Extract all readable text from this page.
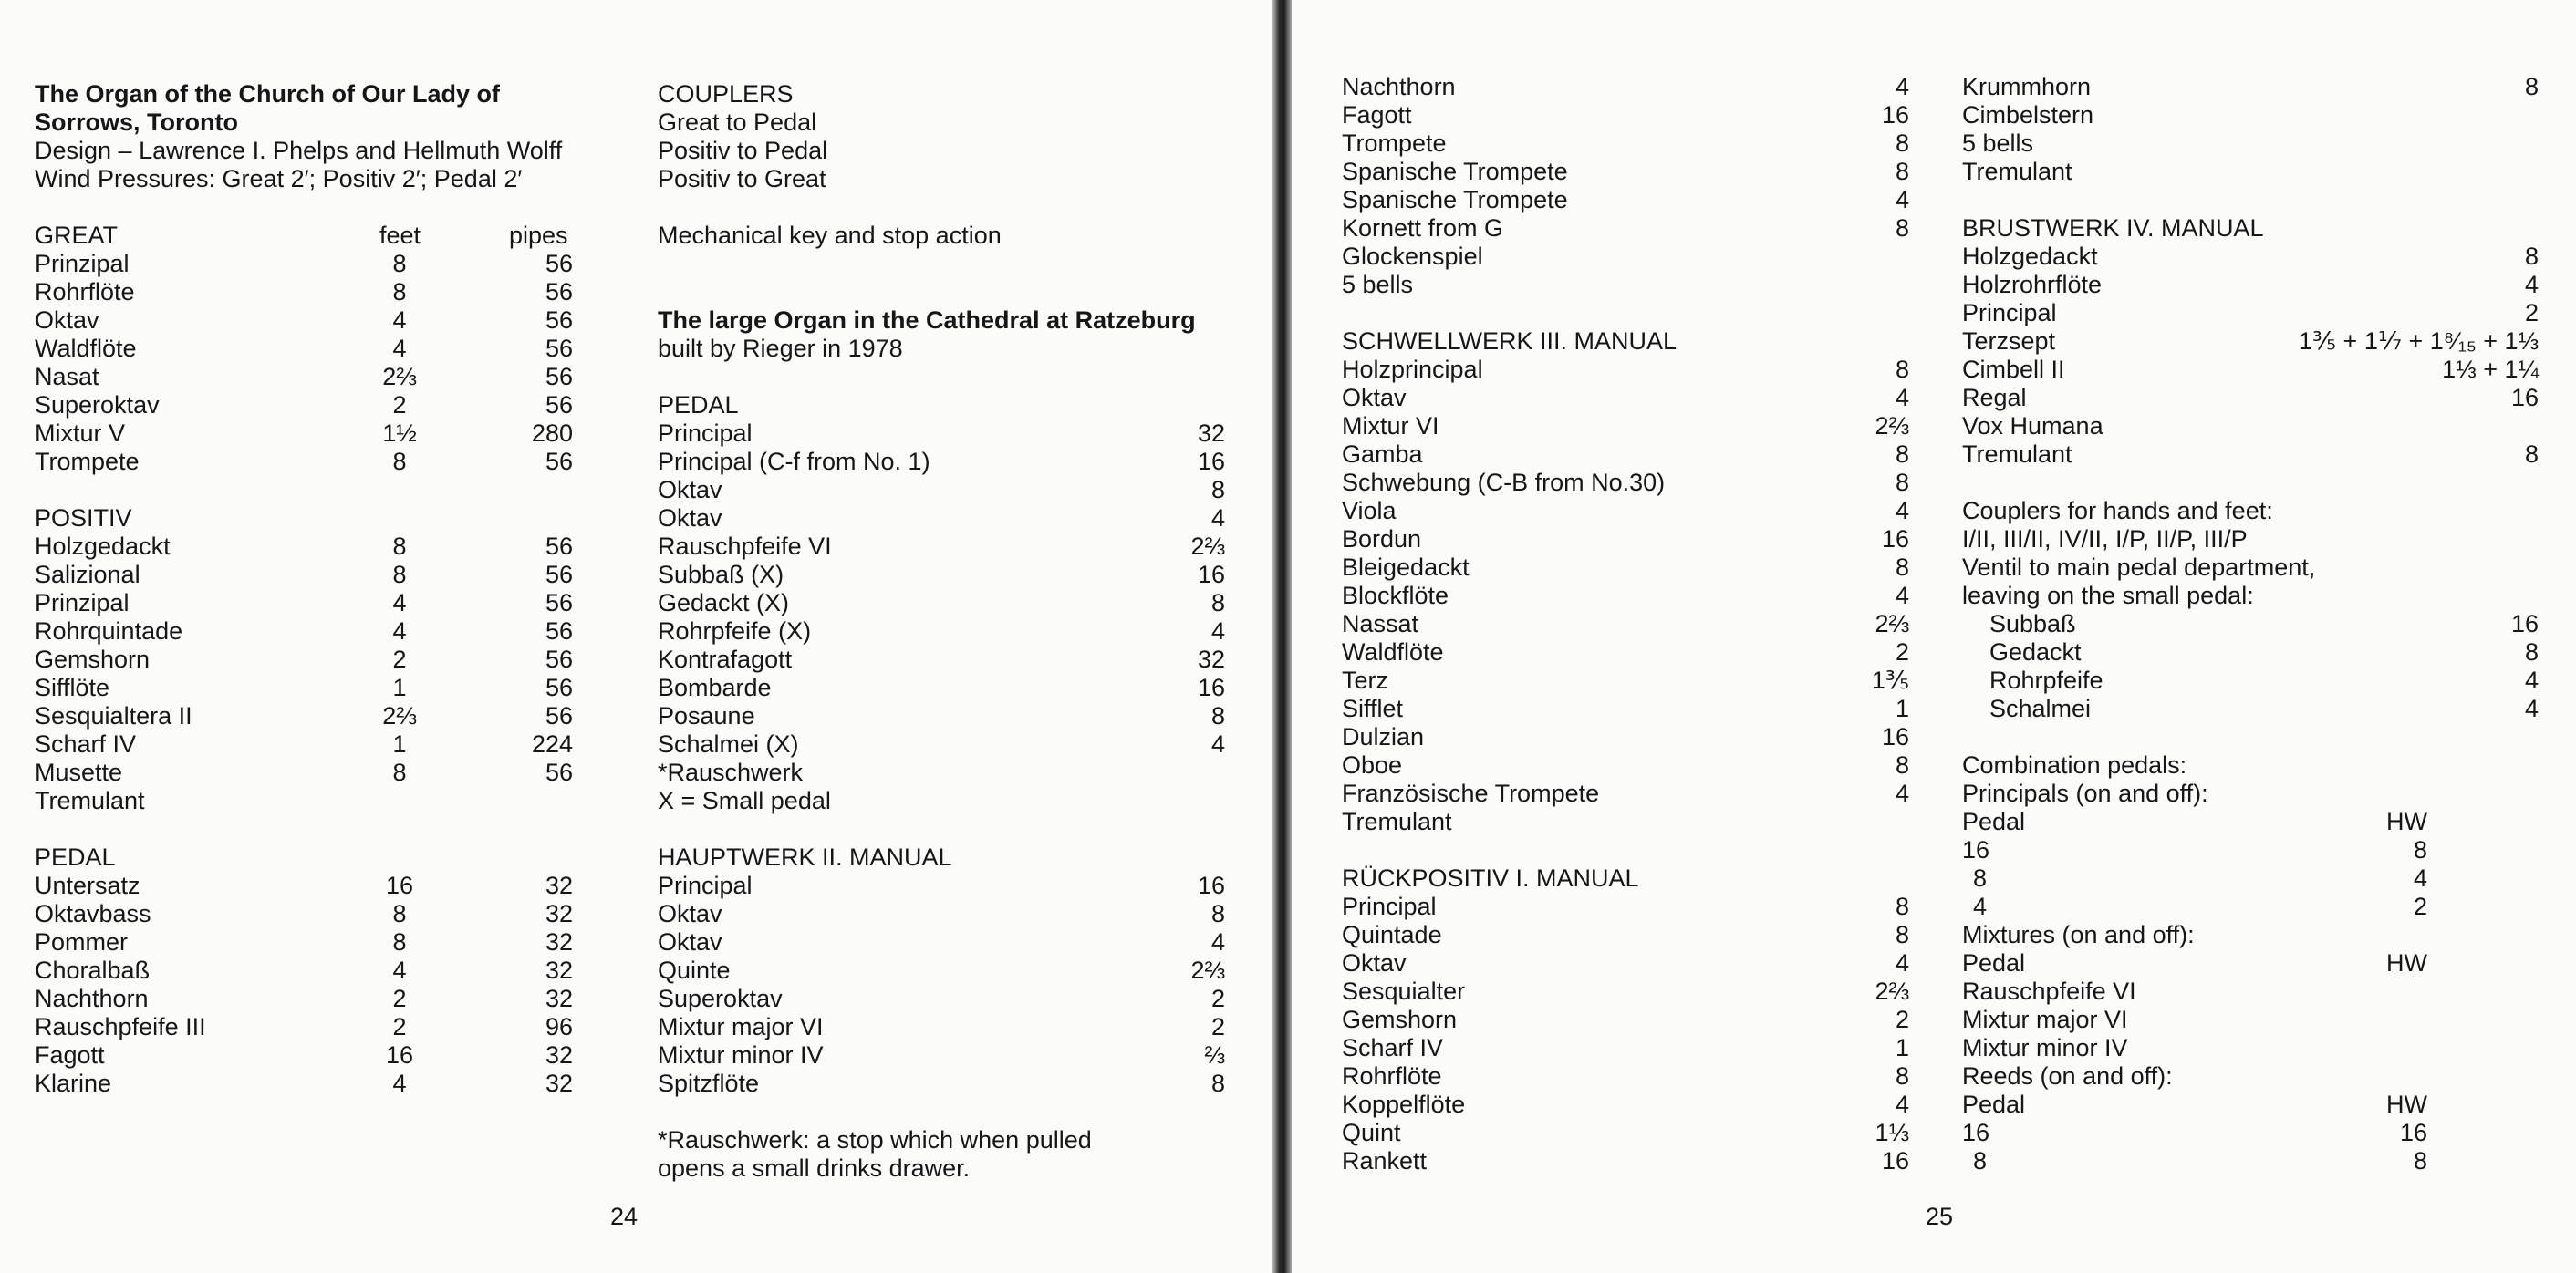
The Organ of the Church of Our Lady of
Sorrows, Toronto
Design – Lawrence I. Phelps and Hellmuth Wolff
Wind Pressures: Great 2′; Positiv 2′; Pedal 2′
GREAT	feet	pipes
Prinzipal	8	56
Rohrflöte	8	56
Oktav	4	56
Waldflöte	4	56
Nasat	2⅔	56
Superoktav	2	56
Mixtur V	1½	280
Trompete	8	56
POSITIV
Holzgedackt	8	56
Salizional	8	56
Prinzipal	4	56
Rohrquintade	4	56
Gemshorn	2	56
Sifflöte	1	56
Sesquialtera II	2⅔	56
Scharf IV	1	224
Musette	8	56
Tremulant
PEDAL
Untersatz	16	32
Oktavbass	8	32
Pommer	8	32
Choralbaß	4	32
Nachthorn	2	32
Rauschpfeife III	2	96
Fagott	16	32
Klarine	4	32
COUPLERS
Great to Pedal
Positiv to Pedal
Positiv to Great
Mechanical key and stop action
The large Organ in the Cathedral at Ratzeburg
built by Rieger in 1978
PEDAL
Principal	32
Principal (C-f from No. 1)	16
Oktav	8
Oktav	4
Rauschpfeife VI	2⅔
Subbaß (X)	16
Gedackt (X)	8
Rohrpfeife (X)	4
Kontrafagott	32
Bombarde	16
Posaune	8
Schalmei (X)	4
*Rauschwerk
X = Small pedal
HAUPTWERK II. MANUAL
Principal	16
Oktav	8
Oktav	4
Quinte	2⅔
Superoktav	2
Mixtur major VI	2
Mixtur minor IV	⅔
Spitzflöte	8
*Rauschwerk: a stop which when pulled
opens a small drinks drawer.
24
Nachthorn	4
Fagott	16
Trompete	8
Spanische Trompete	8
Spanische Trompete	4
Kornett from G	8
Glockenspiel
5 bells
SCHWELLWERK III. MANUAL
Holzprincipal	8
Oktav	4
Mixtur VI	2⅔
Gamba	8
Schwebung (C-B from No.30)	8
Viola	4
Bordun	16
Bleigedackt	8
Blockflöte	4
Nassat	2⅔
Waldflöte	2
Terz	1⅗
Sifflet	1
Dulzian	16
Oboe	8
Französische Trompete	4
Tremulant
RÜCKPOSITIV I. MANUAL
Principal	8
Quintade	8
Oktav	4
Sesquialter	2⅔
Gemshorn	2
Scharf IV	1
Rohrflöte	8
Koppelflöte	4
Quint	1⅓
Rankett	16
Krummhorn	8
Cimbelstern
5 bells
Tremulant
BRUSTWERK IV. MANUAL
Holzgedackt	8
Holzrohrflöte	4
Principal	2
Terzsept	1⅗ + 1⅐ + 1⁸⁄₁₅ + 1⅓
Cimbell II	1⅓ + 1¼
Regal	16
Vox Humana
Tremulant	8
Couplers for hands and feet:
I/II, III/II, IV/II, I/P, II/P, III/P
Ventil to main pedal department,
leaving on the small pedal:
Subbaß	16
Gedackt	8
Rohrpfeife	4
Schalmei	4
Combination pedals:
Principals (on and off):
Pedal	HW
16	8
8	4
4	2
Mixtures (on and off):
Pedal	HW
Rauschpfeife VI
Mixtur major VI
Mixtur minor IV
Reeds (on and off):
Pedal	HW
16	16
8	8
25
